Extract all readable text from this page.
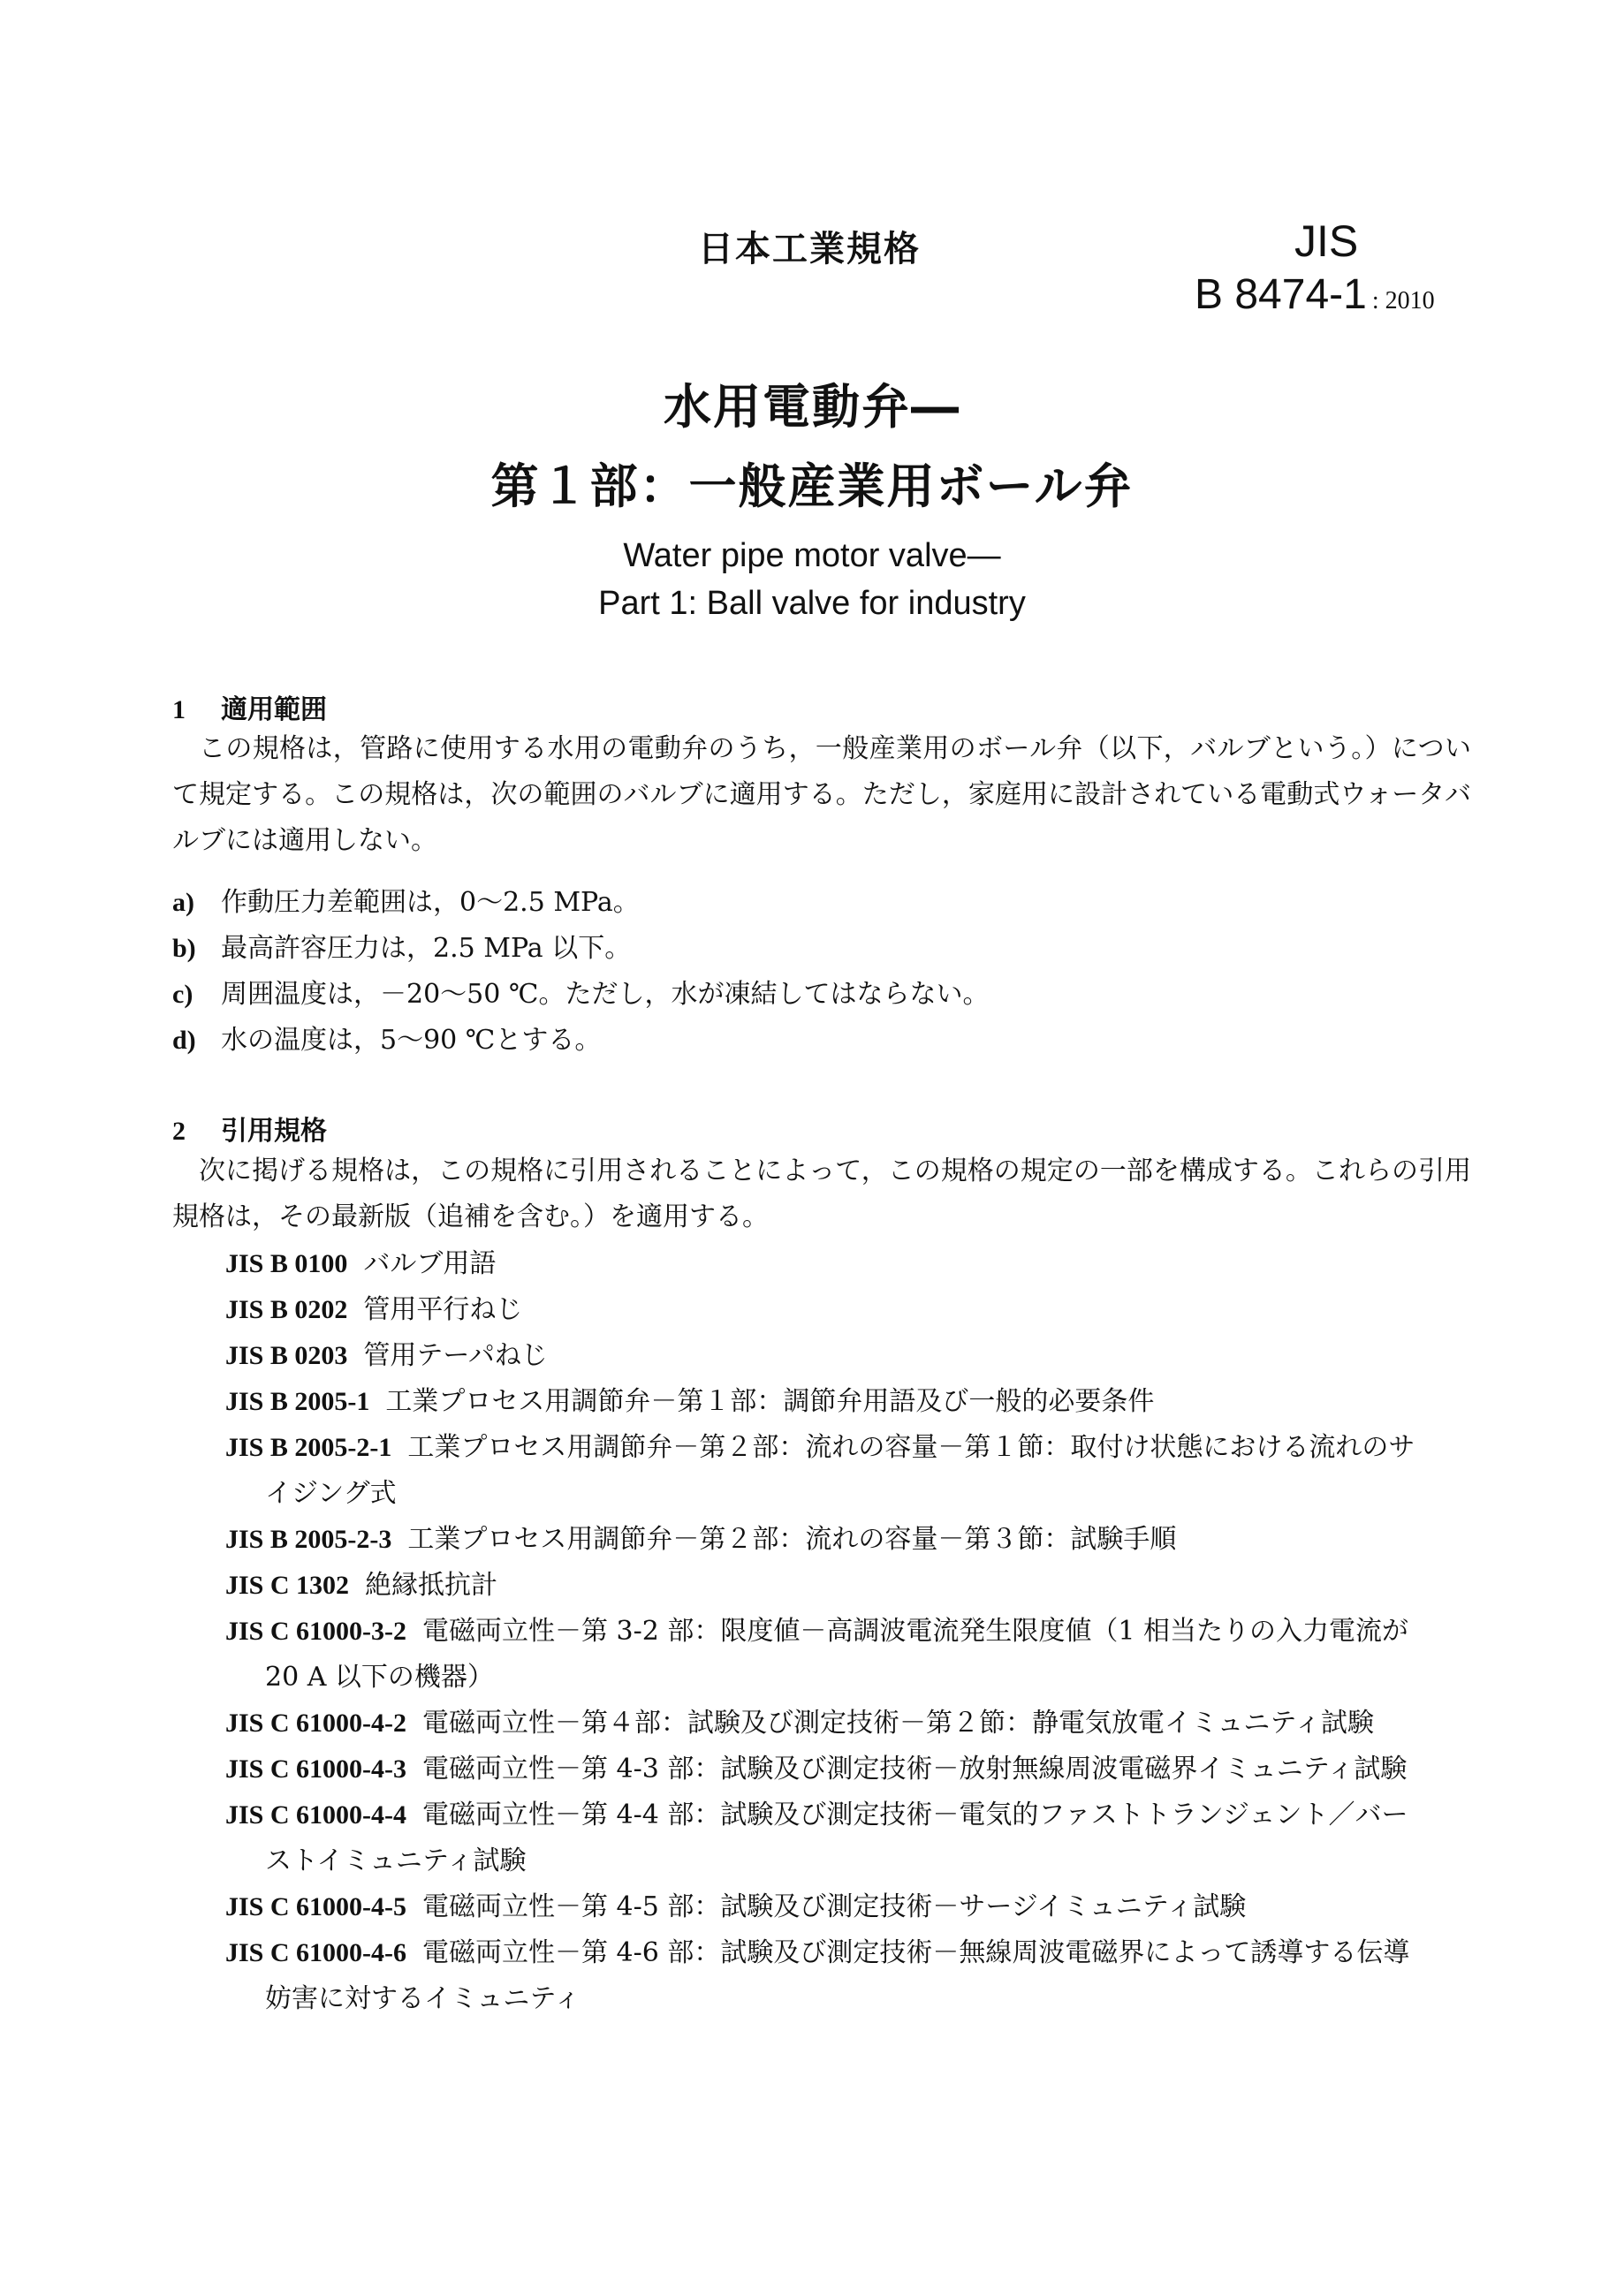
日本工業規格	JIS
B 8474-1 : 2010
水用電動弁―
第１部：一般産業用ボール弁
Water pipe motor valve―
Part 1: Ball valve for industry
1 適用範囲

この規格は，管路に使用する水用の電動弁のうち，一般産業用のボール弁（以下，バルブという。）について規定する。この規格は，次の範囲のバルブに適用する。ただし，家庭用に設計されている電動式ウォータバルブには適用しない。

a) 作動圧力差範囲は，0～2.5 MPa。
b) 最高許容圧力は，2.5 MPa 以下。
c) 周囲温度は，－20～50 ℃。ただし，水が凍結してはならない。
d) 水の温度は，5～90 ℃とする。
2 引用規格

次に掲げる規格は，この規格に引用されることによって，この規格の規定の一部を構成する。これらの引用規格は，その最新版（追補を含む。）を適用する。

JIS B 0100 バルブ用語
JIS B 0202 管用平行ねじ
JIS B 0203 管用テーパねじ
JIS B 2005-1 工業プロセス用調節弁－第１部：調節弁用語及び一般的必要条件
JIS B 2005-2-1 工業プロセス用調節弁－第２部：流れの容量－第１節：取付け状態における流れのサ
イジング式
JIS B 2005-2-3 工業プロセス用調節弁－第２部：流れの容量－第３節：試験手順
JIS C 1302 絶縁抵抗計
JIS C 61000-3-2 電磁両立性－第 3-2 部：限度値－高調波電流発生限度値（1 相当たりの入力電流が
20 A 以下の機器）
JIS C 61000-4-2 電磁両立性－第４部：試験及び測定技術－第２節：静電気放電イミュニティ試験
JIS C 61000-4-3 電磁両立性－第 4-3 部：試験及び測定技術－放射無線周波電磁界イミュニティ試験
JIS C 61000-4-4 電磁両立性－第 4-4 部：試験及び測定技術－電気的ファストトランジェント／バー
ストイミュニティ試験
JIS C 61000-4-5 電磁両立性－第 4-5 部：試験及び測定技術－サージイミュニティ試験
JIS C 61000-4-6 電磁両立性－第 4-6 部：試験及び測定技術－無線周波電磁界によって誘導する伝導
妨害に対するイミュニティ
